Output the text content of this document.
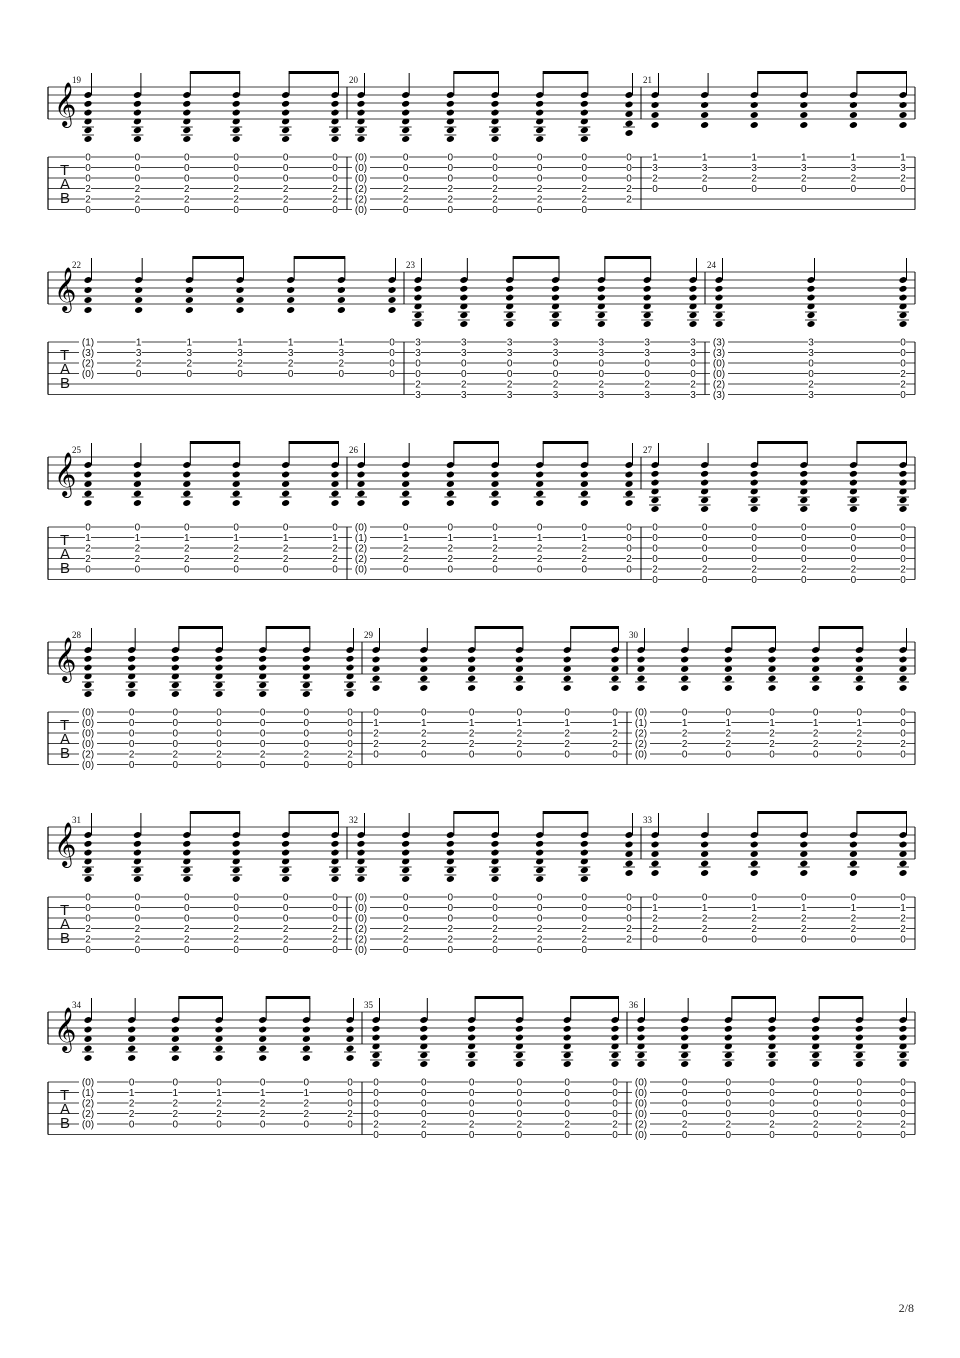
𝄞
T
A
B
19
0
0
0
2
2
0
0
0
0
2
2
0
0
0
0
2
2
0
0
0
0
2
2
0
0
0
0
2
2
0
0
0
0
2
2
0
20
(0)
(0)
(0)
(2)
(2)
(0)
0
0
0
2
2
0
0
0
0
2
2
0
0
0
0
2
2
0
0
0
0
2
2
0
0
0
0
2
2
0
0
0
0
2
2
21
1
3
2
0
1
3
2
0
1
3
2
0
1
3
2
0
1
3
2
0
1
3
2
0
𝄞
T
A
B
22
(1)
(3)
(2)
(0)
1
3
2
0
1
3
2
0
1
3
2
0
1
3
2
0
1
3
2
0
0
0
0
0
23
3
3
0
0
2
3
3
3
0
0
2
3
3
3
0
0
2
3
3
3
0
0
2
3
3
3
0
0
2
3
3
3
0
0
2
3
3
3
0
0
2
3
24
(3)
(3)
(0)
(0)
(2)
(3)
3
3
0
0
2
3
0
0
0
2
2
0
𝄞
T
A
B
25
0
1
2
2
0
0
1
2
2
0
0
1
2
2
0
0
1
2
2
0
0
1
2
2
0
0
1
2
2
0
26
(0)
(1)
(2)
(2)
(0)
0
1
2
2
0
0
1
2
2
0
0
1
2
2
0
0
1
2
2
0
0
1
2
2
0
0
0
0
2
0
27
0
0
0
0
2
0
0
0
0
0
2
0
0
0
0
0
2
0
0
0
0
0
2
0
0
0
0
0
2
0
0
0
0
0
2
0
𝄞
T
A
B
28
(0)
(0)
(0)
(0)
(2)
(0)
0
0
0
0
2
0
0
0
0
0
2
0
0
0
0
0
2
0
0
0
0
0
2
0
0
0
0
0
2
0
0
0
0
0
2
0
29
0
1
2
2
0
0
1
2
2
0
0
1
2
2
0
0
1
2
2
0
0
1
2
2
0
0
1
2
2
0
30
(0)
(1)
(2)
(2)
(0)
0
1
2
2
0
0
1
2
2
0
0
1
2
2
0
0
1
2
2
0
0
1
2
2
0
0
0
0
2
0
𝄞
T
A
B
31
0
0
0
2
2
0
0
0
0
2
2
0
0
0
0
2
2
0
0
0
0
2
2
0
0
0
0
2
2
0
0
0
0
2
2
0
32
(0)
(0)
(0)
(2)
(2)
(0)
0
0
0
2
2
0
0
0
0
2
2
0
0
0
0
2
2
0
0
0
0
2
2
0
0
0
0
2
2
0
0
0
0
2
2
33
0
1
2
2
0
0
1
2
2
0
0
1
2
2
0
0
1
2
2
0
0
1
2
2
0
0
1
2
2
0
𝄞
T
A
B
34
(0)
(1)
(2)
(2)
(0)
0
1
2
2
0
0
1
2
2
0
0
1
2
2
0
0
1
2
2
0
0
1
2
2
0
0
0
0
2
0
35
0
0
0
0
2
0
0
0
0
0
2
0
0
0
0
0
2
0
0
0
0
0
2
0
0
0
0
0
2
0
0
0
0
0
2
0
36
(0)
(0)
(0)
(0)
(2)
(0)
0
0
0
0
2
0
0
0
0
0
2
0
0
0
0
0
2
0
0
0
0
0
2
0
0
0
0
0
2
0
0
0
0
0
2
0
2/8
